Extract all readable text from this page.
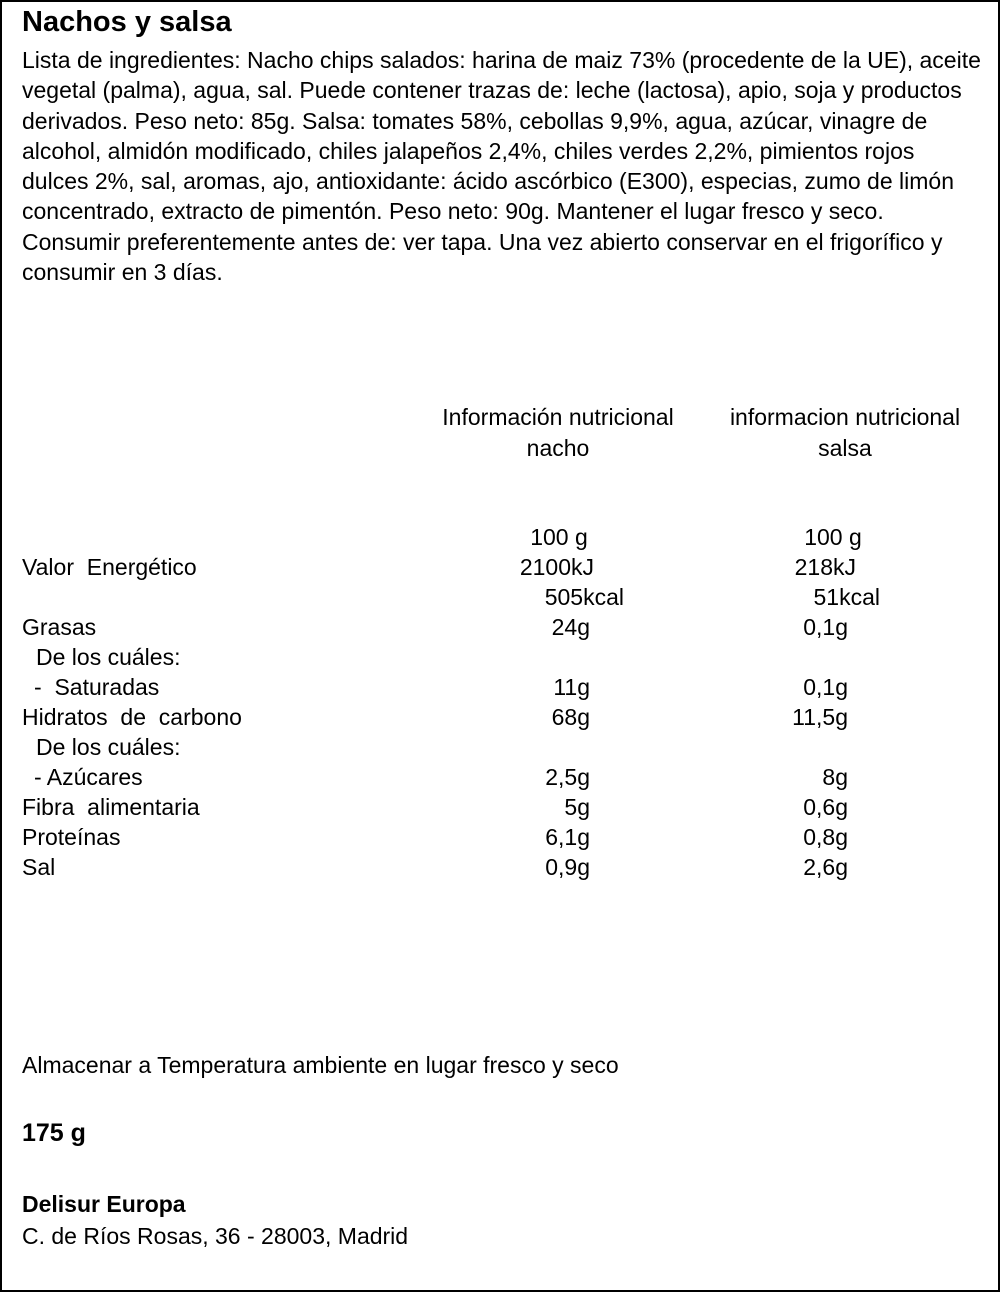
Nachos y salsa

Lista de ingredientes: Nacho chips salados: harina de maiz 73% (procedente de la UE), aceite vegetal (palma), agua, sal. Puede contener trazas de: leche (lactosa), apio, soja y productos derivados. Peso neto: 85g. Salsa: tomates 58%, cebollas 9,9%, agua, azúcar, vinagre de alcohol, almidón modificado, chiles jalapeños 2,4%, chiles verdes 2,2%, pimientos rojos dulces 2%, sal, aromas, ajo, antioxidante: ácido ascórbico (E300), especias, zumo de limón concentrado, extracto de pimentón. Peso neto: 90g. Mantener el lugar fresco y seco. Consumir preferentemente antes de: ver tapa. Una vez abierto conservar en el frigorífico y consumir en 3 días.

Información nutricional
nacho
informacion nutricional
salsa
100 g	100 g
Valor  Energético	2100kJ	218kJ
505kcal	51kcal
Grasas	24g	0,1g
De los cuáles:
-  Saturadas	11g	0,1g
Hidratos  de  carbono	68g	11,5g
De los cuáles:
- Azúcares	2,5g	8g
Fibra  alimentaria	5g	0,6g
Proteínas	6,1g	0,8g
Sal	0,9g	2,6g
Almacenar a Temperatura ambiente en lugar fresco y seco
175 g
Delisur Europa
C. de Ríos Rosas, 36 - 28003, Madrid
